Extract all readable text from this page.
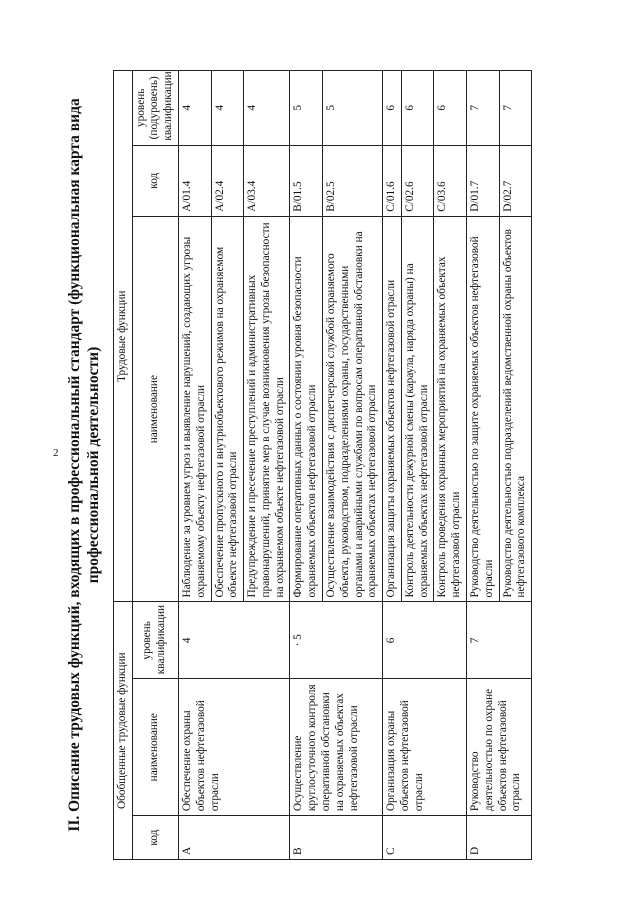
2 II. Описание трудовых функций, входящих в профессиональный стандарт (функциональная карта вида профессиональной деятельности)
Обобщенные трудовые функции			Трудовые функции		
код	наименование	уровень квалификации	наименование	код	уровень (подуровень) квалификации
A	Обеспечение охраны объектов нефтегазовой отрасли	4	Наблюдение за уровнем угроз и выявление нарушений, создающих угрозы охраняемому объекту нефтегазовой отрасли	A/01.4	4
			Обеспечение пропускного и внутриобъектового режимов на охраняемом объекте нефтегазовой отрасли	A/02.4	4
			Предупреждение и пресечение преступлений и административных правонарушений, принятие мер в случае возникновения угрозы безопасности на охраняемом объекте нефтегазовой отрасли	A/03.4	4
B	Осуществление круглосуточного контроля оперативной обстановки на охраняемых объектах нефтегазовой отрасли	· 5	Формирование оперативных данных о состоянии уровня безопасности охраняемых объектов нефтегазовой отрасли	B/01.5	5
			Осуществление взаимодействия с диспетчерской службой охраняемого объекта, руководством, подразделениями охраны, государственными органами и аварийными службами по вопросам оперативной обстановки на охраняемых объектах нефтегазовой отрасли	B/02.5	5
C	Организация охраны объектов нефтегазовой отрасли	6	Организация защиты охраняемых объектов нефтегазовой отрасли	C/01.6	6
			Контроль деятельности дежурной смены (караула, наряда охраны) на охраняемых объектах нефтегазовой отрасли	C/02.6	6
			Контроль проведения охранных мероприятий на охраняемых объектах нефтегазовой отрасли	C/03.6	6
D	Руководство деятельностью по охране объектов нефтегазовой отрасли	7	Руководство деятельностью по защите охраняемых объектов нефтегазовой отрасли	D/01.7	7
			Руководство деятельностью подразделений ведомственной охраны объектов нефтегазового комплекса	D/02.7	7
